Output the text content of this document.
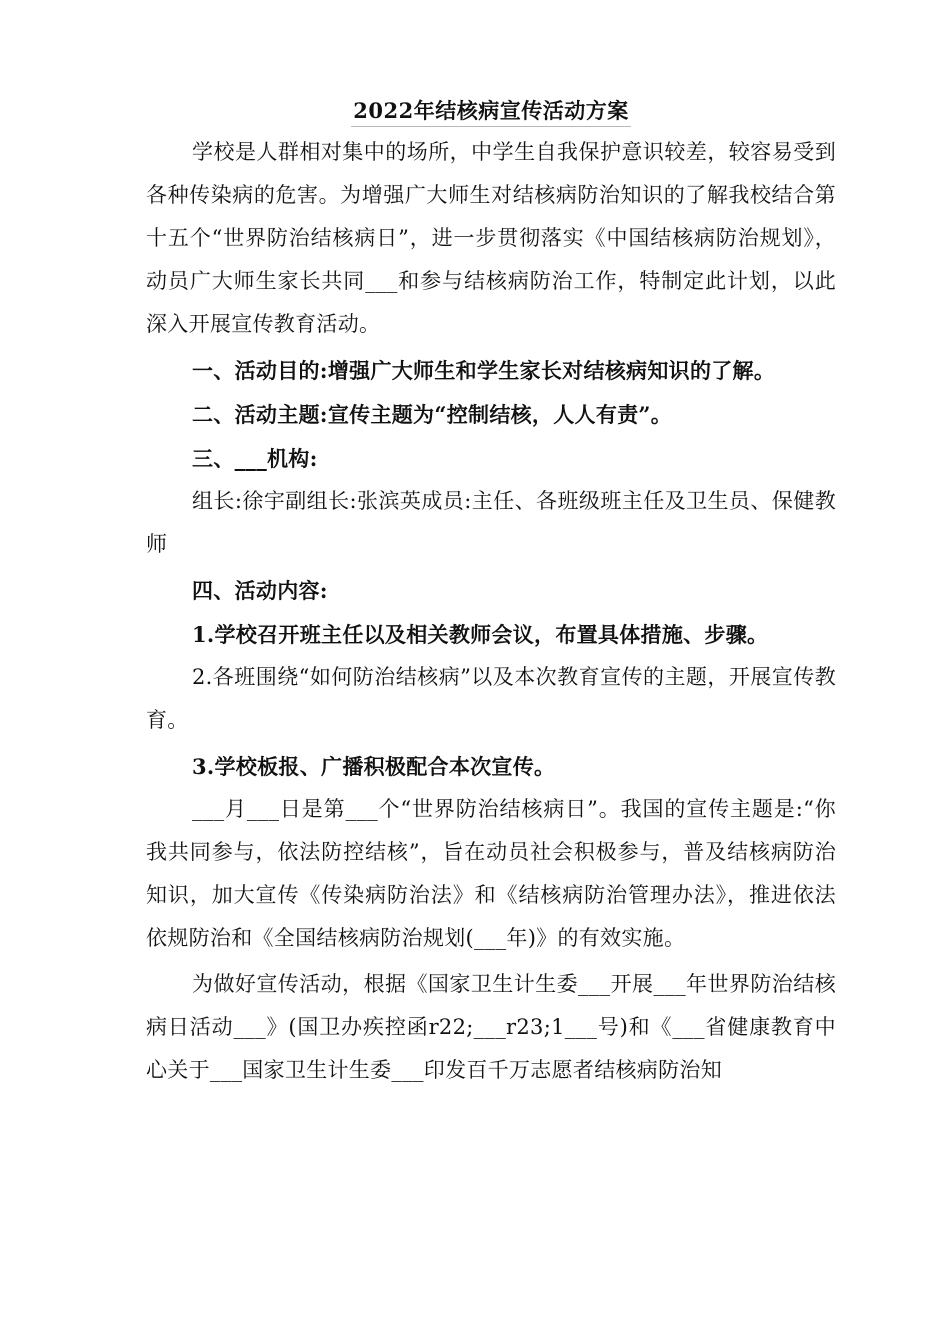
2022年结核病宣传活动方案

学校是人群相对集中的场所，中学生自我保护意识较差，较容易受到各种传染病的危害。为增强广大师生对结核病防治知识的了解我校结合第十五个“世界防治结核病日”，进一步贯彻落实《中国结核病防治规划》，动员广大师生家长共同___和参与结核病防治工作，特制定此计划，以此深入开展宣传教育活动。

一、活动目的:增强广大师生和学生家长对结核病知识的了解。

二、活动主题:宣传主题为“控制结核，人人有责”。

三、___机构:

组长:徐宇副组长:张滨英成员:主任、各班级班主任及卫生员、保健教师

四、活动内容:

1.学校召开班主任以及相关教师会议，布置具体措施、步骤。

2.各班围绕“如何防治结核病”以及本次教育宣传的主题，开展宣传教育。

3.学校板报、广播积极配合本次宣传。

___月___日是第___个“世界防治结核病日”。我国的宣传主题是:“你我共同参与，依法防控结核”，旨在动员社会积极参与，普及结核病防治知识，加大宣传《传染病防治法》和《结核病防治管理办法》，推进依法依规防治和《全国结核病防治规划(___年)》的有效实施。

为做好宣传活动，根据《国家卫生计生委___开展___年世界防治结核病日活动___》(国卫办疾控函r22;___r23;1___号)和《___省健康教育中心关于___国家卫生计生委___印发百千万志愿者结核病防治知
